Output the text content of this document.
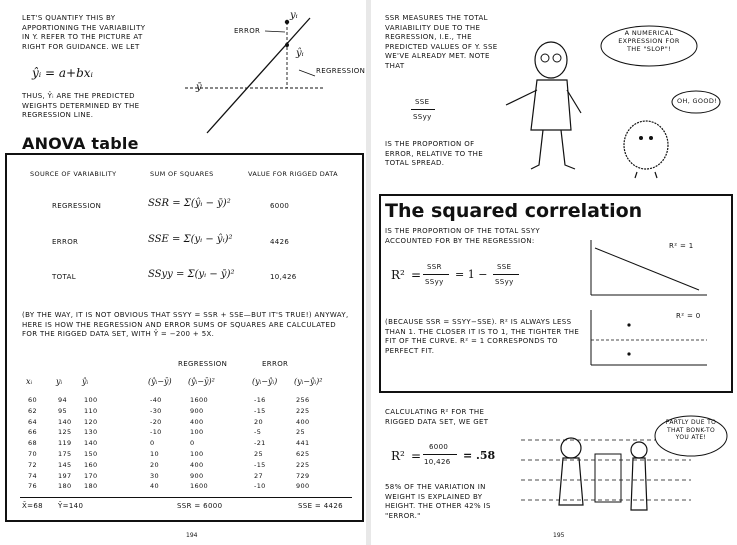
LET'S QUANTIFY THIS BY APPORTIONING THE VARIABILITY IN Y. REFER TO THE PICTURE AT RIGHT FOR GUIDANCE. WE LET
ŷᵢ = a+bxᵢ
THUS, Ŷᵢ ARE THE PREDICTED WEIGHTS DETERMINED BY THE REGRESSION LINE.
ERROR
REGRESSION
yᵢ
ŷᵢ
ȳ
ANOVA table
SOURCE OF VARIABILITY	SUM OF SQUARES	VALUE FOR RIGGED DATA
REGRESSION	SSR = Σ(ŷᵢ − ȳ)²	6000
ERROR	SSE = Σ(yᵢ − ŷᵢ)²	4426
TOTAL	SSyy = Σ(yᵢ − ȳ)²	10,426
(BY THE WAY, IT IS NOT OBVIOUS THAT SSYY = SSR + SSE—BUT IT'S TRUE!) ANYWAY, HERE IS HOW THE REGRESSION AND ERROR SUMS OF SQUARES ARE CALCULATED FOR THE RIGGED DATA SET, WITH Ŷ = −200 + 5X.
REGRESSION	ERROR
X̄=68 Ȳ=140	SSR = 6000	SSE = 4426
194
xᵢ	yᵢ ŷᵢ	(ŷᵢ−ȳ) (ŷᵢ−ȳ)²	(yᵢ−ŷᵢ) (yᵢ−ŷᵢ)²
60	94	100	-40	1600	-16	256
62	95	110	-30	900	-15	225
64	140 120	-20	400	20	400
66	125 130	-10	100	-5	25
68	119 140	0	0	-21	441
70	175 150	10	100	25	625
72	145 160	20	400	-15	225
74	197 170	30	900	27	729
76	180 180	40	1600	-10	900
SSR MEASURES THE TOTAL VARIABILITY DUE TO THE REGRESSION, I.E., THE PREDICTED VALUES OF Y. SSE WE'VE ALREADY MET. NOTE THAT
SSE
SSyy
IS THE PROPORTION OF ERROR, RELATIVE TO THE TOTAL SPREAD.
A NUMERICAL EXPRESSION FOR THE "SLOP"!
OH, GOOD!
The squared correlation
IS THE PROPORTION OF THE TOTAL SSYY ACCOUNTED FOR BY THE REGRESSION:
R² =
SSR
SSyy
= 1 −
SSE
SSyy
R² = 1
R² = 0
(BECAUSE SSR = SSYY−SSE). R² IS ALWAYS LESS THAN 1. THE CLOSER IT IS TO 1, THE TIGHTER THE FIT OF THE CURVE. R² = 1 CORRESPONDS TO PERFECT FIT.
CALCULATING R² FOR THE RIGGED DATA SET, WE GET
R² =
6000
10,426 = .58
58% OF THE VARIATION IN WEIGHT IS EXPLAINED BY HEIGHT. THE OTHER 42% IS "ERROR."
PARTLY DUE TO THAT BONK-TO YOU ATE!
195
